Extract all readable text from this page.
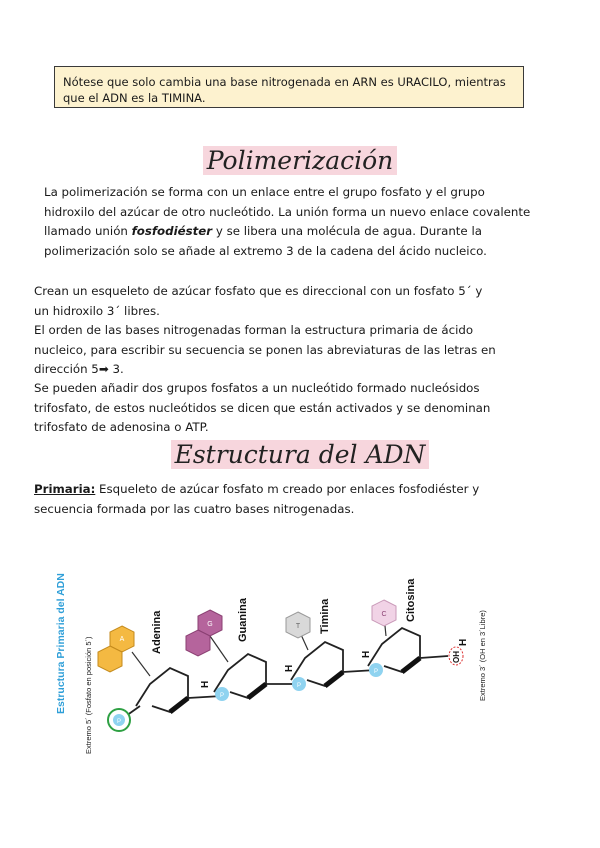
Nótese que solo cambia una base nitrogenada en ARN es URACILO, mientras que el ADN es la TIMINA.
Polimerización

La polimerización se forma con un enlace entre el grupo fosfato y el grupo hidroxilo del azúcar de otro nucleótido. La unión forma un nuevo enlace covalente llamado unión fosfodiéster y se libera una molécula de agua. Durante la polimerización solo se añade al extremo 3 de la cadena del ácido nucleico.

Crean un esqueleto de azúcar fosfato que es direccional con un fosfato 5´ y un hidroxilo 3´ libres.

El orden de las bases nitrogenadas forman la estructura primaria de ácido nucleico, para escribir su secuencia se ponen las abreviaturas de las letras en dirección 5➡ 3.

Se pueden añadir dos grupos fosfatos a un nucleótido formado nucleósidos trifosfato, de estos nucleótidos se dicen que están activados y se denominan trifosfato de adenosina o ATP.

Estructura del ADN

Primaria: Esqueleto de azúcar fosfato m creado por enlaces fosfodiéster y secuencia formada por las cuatro bases nitrogenadas.

Estructura Primaria del ADN Extremo 5´ (Fosfato en posición 5´)	Extremo 3´ (OH en 3´Libre)
A Adenina	G Guanina	T Timina	C Citosina
H
H
H
H
OH
P
P
P
P
